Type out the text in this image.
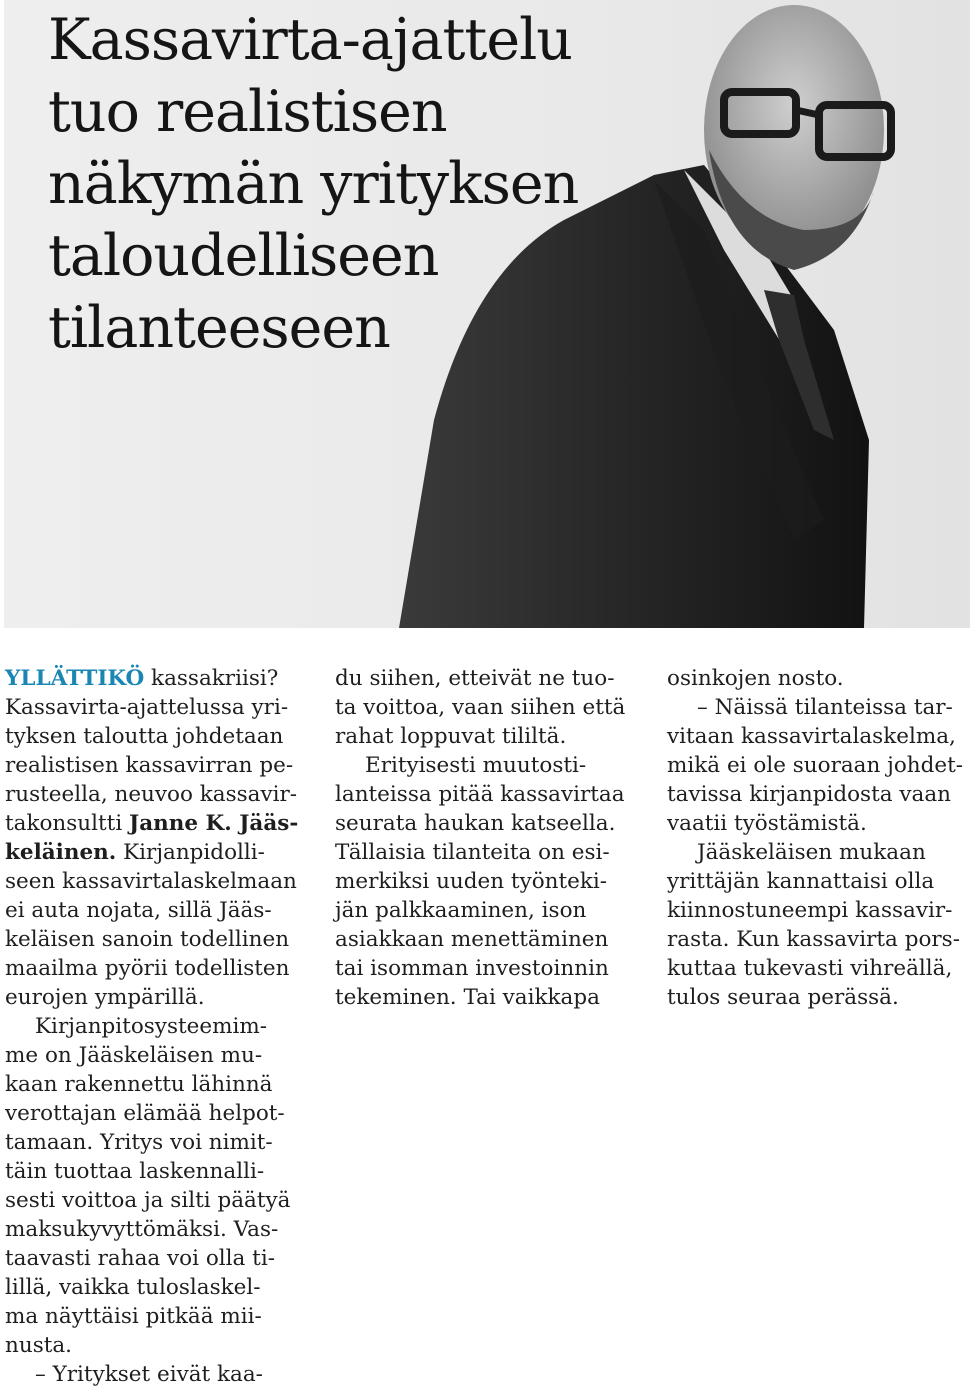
Kassavirta-ajattelu
tuo realistisen
näkymän yrityksen
taloudelliseen
tilanteeseen
YLLÄTTIKÖ kassakriisi?
Kassavirta-ajattelussa yri-
tyksen taloutta johdetaan
realistisen kassavirran pe-
rusteella, neuvoo kassavir-
takonsultti Janne K. Jääs-
keläinen. Kirjanpidolli-
seen kassavirtalaskelmaan
ei auta nojata, sillä Jääs-
keläisen sanoin todellinen
maailma pyörii todellisten
eurojen ympärillä.
Kirjanpitosysteemim-
me on Jääskeläisen mu-
kaan rakennettu lähinnä
verottajan elämää helpot-
tamaan. Yritys voi nimit-
täin tuottaa laskennalli-
sesti voittoa ja silti päätyä
maksukyvyttömäksi. Vas-
taavasti rahaa voi olla ti-
lillä, vaikka tuloslaskel-
ma näyttäisi pitkää mii-
nusta.
– Yritykset eivät kaa-
du siihen, etteivät ne tuo-
ta voittoa, vaan siihen että
rahat loppuvat tililtä.
Erityisesti muutosti-
lanteissa pitää kassavirtaa
seurata haukan katseella.
Tällaisia tilanteita on esi-
merkiksi uuden työnteki-
jän palkkaaminen, ison
asiakkaan menettäminen
tai isomman investoinnin
tekeminen. Tai vaikkapa
osinkojen nosto.
– Näissä tilanteissa tar-
vitaan kassavirtalaskelma,
mikä ei ole suoraan johdet-
tavissa kirjanpidosta vaan
vaatii työstämistä.
Jääskeläisen mukaan
yrittäjän kannattaisi olla
kiinnostuneempi kassavir-
rasta. Kun kassavirta pors-
kuttaa tukevasti vihreällä,
tulos seuraa perässä.
